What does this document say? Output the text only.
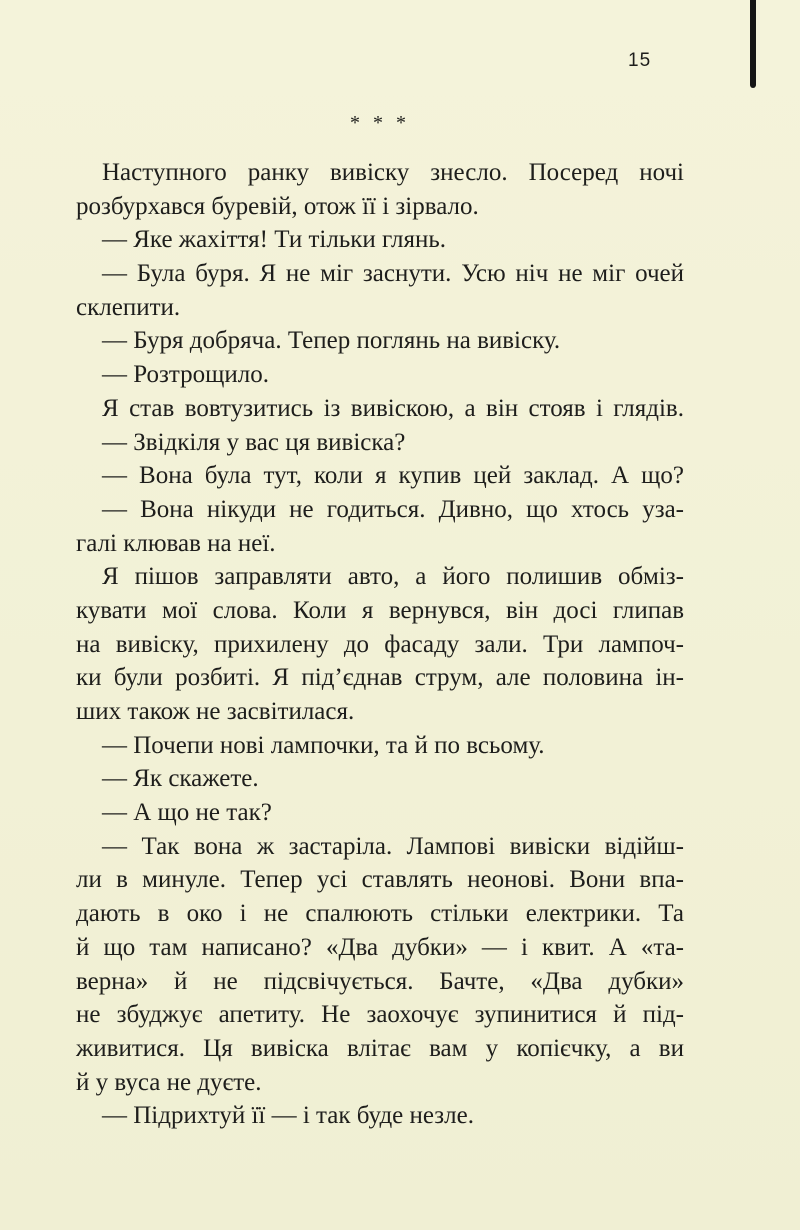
15
* * *
Наступного ранку вивіску знесло. Посеред ночі
розбурхався буревій, отож її і зірвало.
— Яке жахіття! Ти тільки глянь.
— Була буря. Я не міг заснути. Усю ніч не міг очей
склепити.
— Буря добряча. Тепер поглянь на вивіску.
— Розтрощило.
Я став вовтузитись із вивіскою, а він стояв і глядів.
— Звідкіля у вас ця вивіска?
— Вона була тут, коли я купив цей заклад. А що?
— Вона нікуди не годиться. Дивно, що хтось уза-
галі клював на неї.
Я пішов заправляти авто, а його полишив обміз-
кувати мої слова. Коли я вернувся, він досі глипав
на вивіску, прихилену до фасаду зали. Три лампоч-
ки були розбиті. Я під’єднав струм, але половина ін-
ших також не засвітилася.
— Почепи нові лампочки, та й по всьому.
— Як скажете.
— А що не так?
— Так вона ж застаріла. Лампові вивіски відійш-
ли в минуле. Тепер усі ставлять неонові. Вони впа-
дають в око і не спалюють стільки електрики. Та
й що там написано? «Два дубки» — і квит. А «та-
верна» й не підсвічується. Бачте, «Два дубки»
не збуджує апетиту. Не заохочує зупинитися й під-
живитися. Ця вивіска влітає вам у копієчку, а ви
й у вуса не дуєте.
— Підрихтуй її — і так буде незле.
